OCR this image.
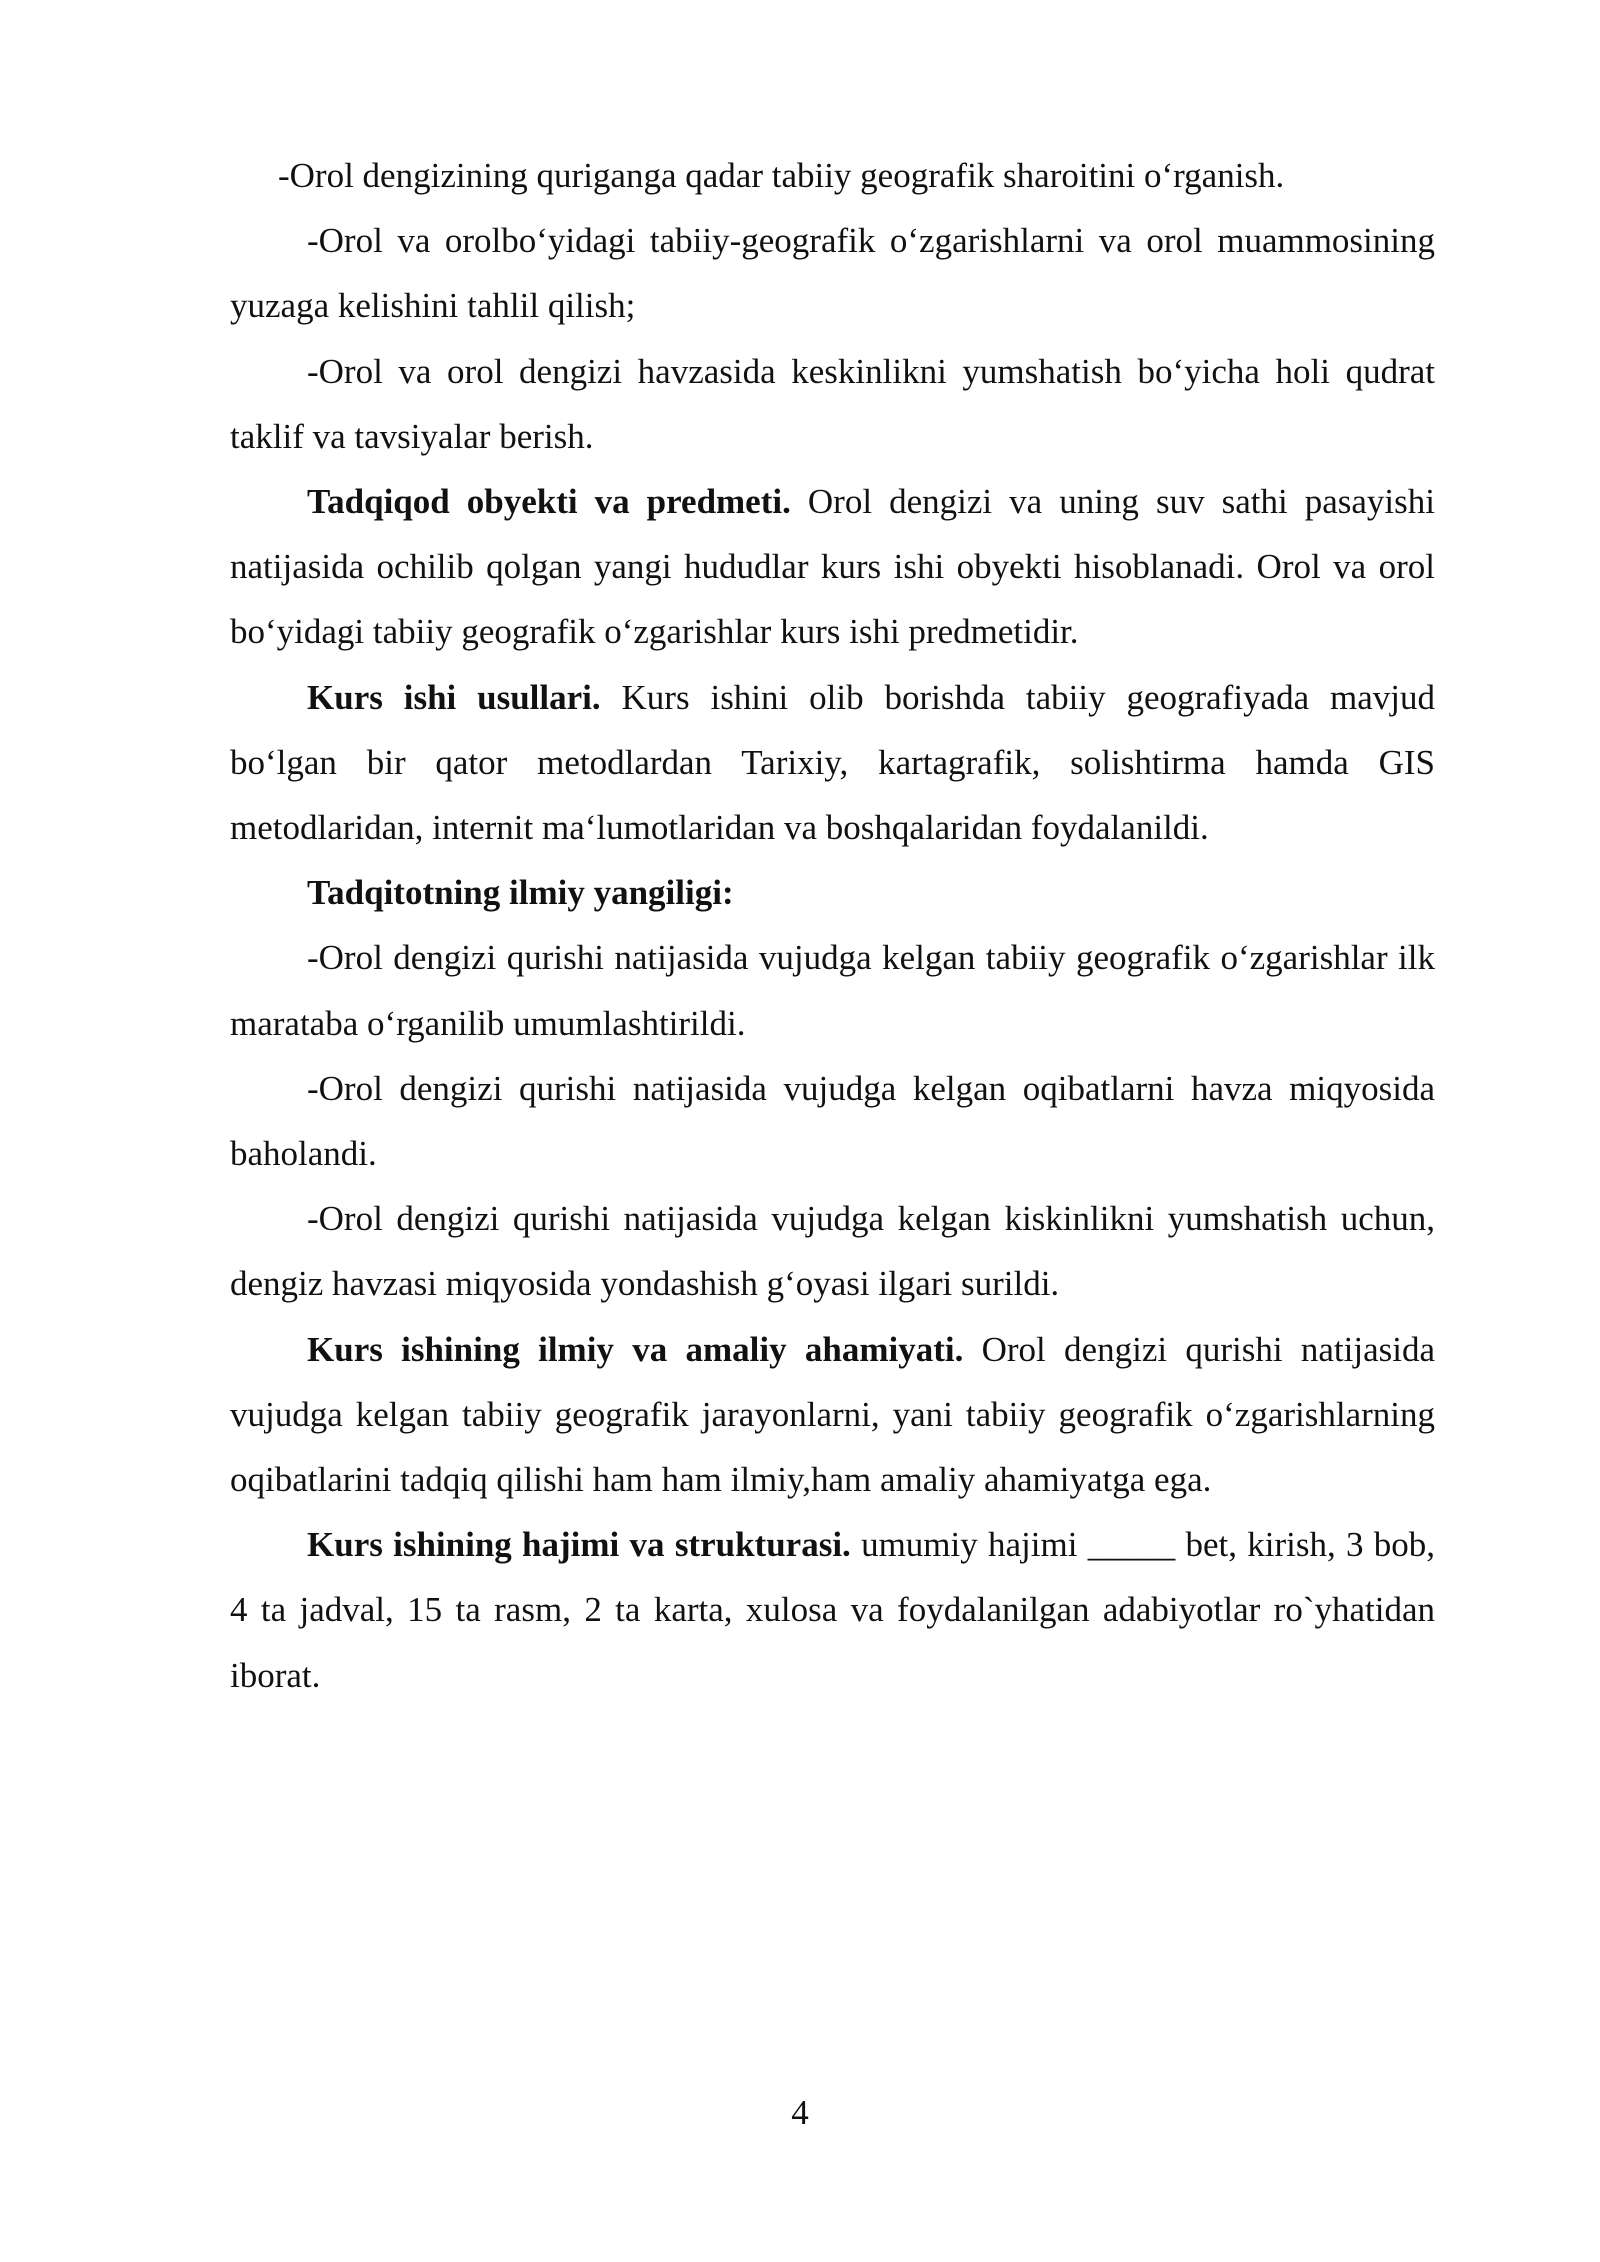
-Orol dengizining quriganga qadar tabiiy geografik sharoitini o‘rganish.

-Orol va orolbo‘yidagi tabiiy-geografik o‘zgarishlarni va orol muammosining yuzaga kelishini tahlil qilish;

-Orol va orol dengizi havzasida keskinlikni yumshatish bo‘yicha holi qudrat taklif va tavsiyalar berish.

Tadqiqod obyekti va predmeti. Orol dengizi va uning suv sathi pasayishi natijasida ochilib qolgan yangi hududlar kurs ishi obyekti hisoblanadi. Orol va orol bo‘yidagi tabiiy geografik o‘zgarishlar kurs ishi predmetidir.

Kurs ishi usullari. Kurs ishini olib borishda tabiiy geografiyada mavjud bo‘lgan bir qator metodlardan Tarixiy, kartagrafik, solishtirma hamda GIS metodlaridan, internit ma‘lumotlaridan va boshqalaridan foydalanildi.

Tadqitotning ilmiy yangiligi:

-Orol dengizi qurishi natijasida vujudga kelgan tabiiy geografik o‘zgarishlar ilk marataba o‘rganilib umumlashtirildi.

-Orol dengizi qurishi natijasida vujudga kelgan oqibatlarni havza miqyosida baholandi.

-Orol dengizi qurishi natijasida vujudga kelgan kiskinlikni yumshatish uchun, dengiz havzasi miqyosida yondashish g‘oyasi ilgari surildi.

Kurs ishining ilmiy va amaliy ahamiyati. Orol dengizi qurishi natijasida vujudga kelgan tabiiy geografik jarayonlarni, yani tabiiy geografik o‘zgarishlarning oqibatlarini tadqiq qilishi ham ham ilmiy,ham amaliy ahamiyatga ega.

Kurs ishining hajimi va strukturasi. umumiy hajimi _____ bet, kirish, 3 bob, 4 ta jadval, 15 ta rasm, 2 ta karta, xulosa va foydalanilgan adabiyotlar ro`yhatidan iborat.

4
